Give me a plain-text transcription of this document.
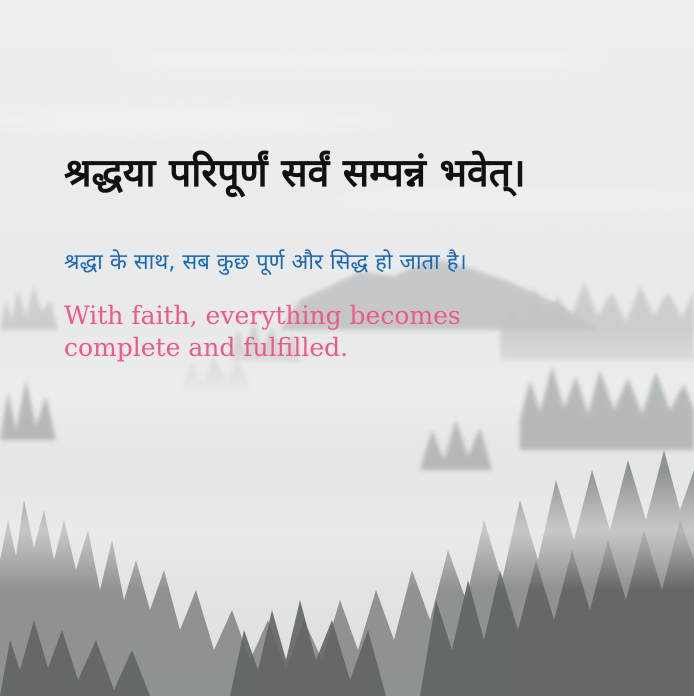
श्रद्धया परिपूर्णं सर्वं सम्पन्नं भवेत्।

श्रद्धा के साथ, सब कुछ पूर्ण और सिद्ध हो जाता है।

With faith, everything becomes complete and fulfilled.
